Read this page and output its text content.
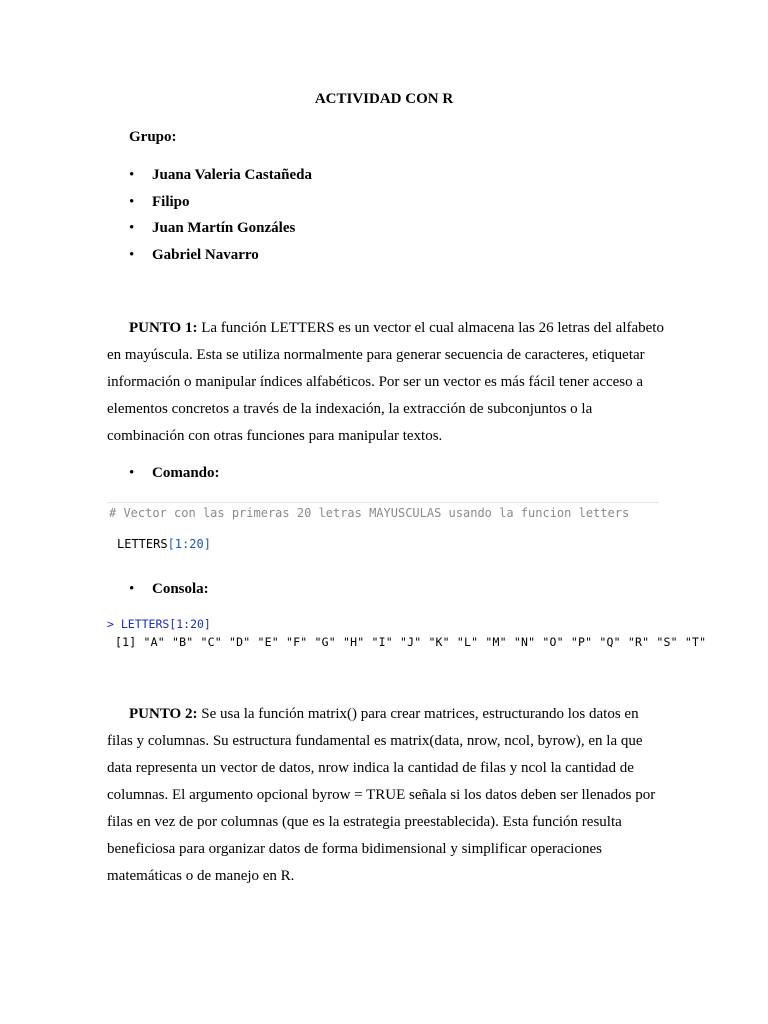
ACTIVIDAD CON R
Grupo:
• Juana Valeria Castañeda
• Filipo
• Juan Martín Gonzáles
• Gabriel Navarro

PUNTO 1: La función LETTERS es un vector el cual almacena las 26 letras del alfabeto en mayúscula. Esta se utiliza normalmente para generar secuencia de caracteres, etiquetar información o manipular índices alfabéticos. Por ser un vector es más fácil tener acceso a elementos concretos a través de la indexación, la extracción de subconjuntos o la combinación con otras funciones para manipular textos.

• Comando:
# Vector con las primeras 20 letras MAYUSCULAS usando la funcion letters
LETTERS[1:20]
• Consola:
> LETTERS[1:20]
[1] "A" "B" "C" "D" "E" "F" "G" "H" "I" "J" "K" "L" "M" "N" "O" "P" "Q" "R" "S" "T"

PUNTO 2: Se usa la función matrix() para crear matrices, estructurando los datos en filas y columnas. Su estructura fundamental es matrix(data, nrow, ncol, byrow), en la que data representa un vector de datos, nrow indica la cantidad de filas y ncol la cantidad de columnas. El argumento opcional byrow = TRUE señala si los datos deben ser llenados por filas en vez de por columnas (que es la estrategia preestablecida). Esta función resulta beneficiosa para organizar datos de forma bidimensional y simplificar operaciones matemáticas o de manejo en R.
